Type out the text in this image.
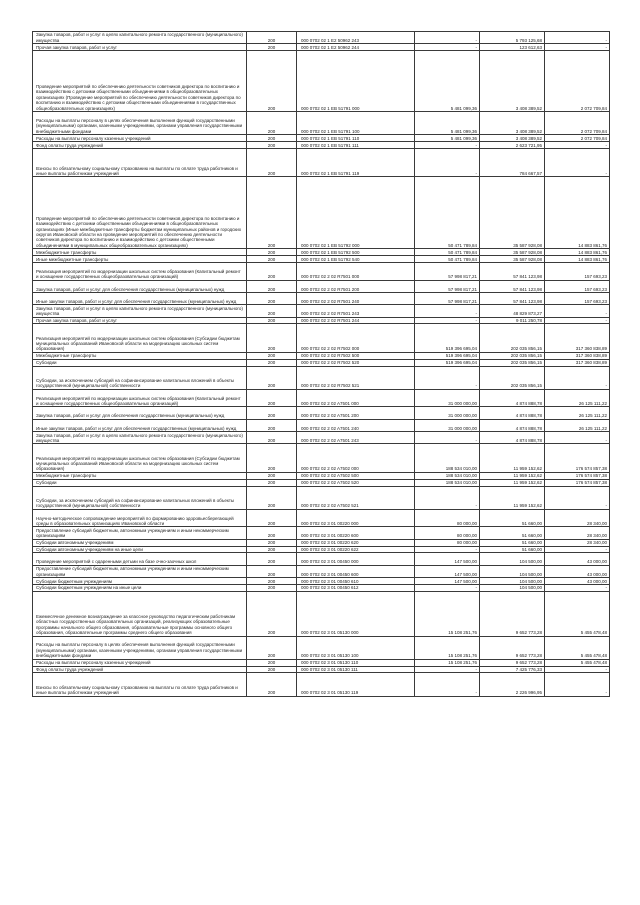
Закупка товаров, работ и услуг в целях капитального ремонта государственного (муниципального) имущества	200	000 0702 02 1 E2 50962 243	-	5 793 125,68	-
Прочая закупка товаров, работ и услуг	200	000 0702 02 1 E2 50962 244	-	123 612,63	-
Проведение мероприятий по обеспечению деятельности советников директора по воспитанию и взаимодействию с детскими общественными объединениями в общеобразовательных организациях (Проведение мероприятий по обеспечению деятельности советников директора по воспитанию и взаимодействию с детскими общественными объединениями в государственных общеобразовательных организациях)	200	000 0702 02 1 EB 51791 000	5 481 099,36	3 408 389,52	2 072 709,84
Расходы на выплаты персоналу в целях обеспечения выполнения функций государственными (муниципальными) органами, казенными учреждениями, органами управления государственными внебюджетными фондами	200	000 0702 02 1 EB 51791 100	5 481 099,36	3 408 389,52	2 072 709,84
Расходы на выплаты персоналу казенных учреждений	200	000 0702 02 1 EB 51791 110	5 481 099,36	3 408 389,52	2 072 709,84
Фонд оплаты труда учреждений	200	000 0702 02 1 EB 51791 111	-	2 623 721,95	-
Взносы по обязательному социальному страхованию на выплаты по оплате труда работников и иные выплаты работникам учреждений	200	000 0702 02 1 EB 51791 119	-	784 667,57	-
Проведение мероприятий по обеспечению деятельности советников директора по воспитанию и взаимодействию с детскими общественными объединениями в общеобразовательных организациях (Иные межбюджетные трансферты бюджетам муниципальных районов и городских округов Ивановской области на проведение мероприятий по обеспечению деятельности советников директора по воспитанию и взаимодействию с детскими общественными объединениями в муниципальных общеобразовательных организациях)	200	000 0702 02 1 EB 51792 000	50 471 789,84	35 587 928,08	14 883 861,76
Межбюджетные трансферты	200	000 0702 02 1 EB 51792 500	50 471 789,84	35 587 928,08	14 883 861,76
Иные межбюджетные трансферты	200	000 0702 02 1 EB 51792 540	50 471 789,84	35 587 928,08	14 883 861,76
Реализация мероприятий по модернизации школьных систем образования (Капитальный ремонт и оснащение государственных общеобразовательных организаций)	200	000 0702 02 2 02 R7501 000	57 998 817,21	57 841 123,98	157 693,23
Закупка товаров, работ и услуг для обеспечения государственных (муниципальных) нужд	200	000 0702 02 2 02 R7501 200	57 998 817,21	57 841 123,98	157 693,23
Иные закупки товаров, работ и услуг для обеспечения государственных (муниципальных) нужд	200	000 0702 02 2 02 R7501 240	57 998 817,21	57 841 123,98	157 693,23
Закупка товаров, работ и услуг в целях капитального ремонта государственного (муниципального) имущества	200	000 0702 02 2 02 R7501 243	-	48 829 873,27	-
Прочая закупка товаров, работ и услуг	200	000 0702 02 2 02 R7501 244	-	9 011 250,78	-
Реализация мероприятий по модернизации школьных систем образования (Субсидии бюджетам муниципальных образований Ивановской области на модернизацию школьных систем образования)	200	000 0702 02 2 02 R7502 000	519 396 695,04	202 035 856,15	317 360 838,89
Межбюджетные трансферты	200	000 0702 02 2 02 R7502 500	519 396 695,04	202 035 856,15	317 360 838,89
Субсидии	200	000 0702 02 2 02 R7502 520	519 396 695,04	202 035 856,15	317 360 838,89
Субсидии, за исключением субсидий на софинансирование капитальных вложений в объекты государственной (муниципальной) собственности	200	000 0702 02 2 02 R7502 521	-	202 035 856,15	-
Реализация мероприятий по модернизации школьных систем образования (Капитальный ремонт и оснащение государственных общеобразовательных организаций)	200	000 0702 02 2 02 A7501 000	31 000 000,00	4 874 888,78	26 125 111,22
Закупка товаров, работ и услуг для обеспечения государственных (муниципальных) нужд	200	000 0702 02 2 02 A7501 200	31 000 000,00	4 874 888,78	26 125 111,22
Иные закупки товаров, работ и услуг для обеспечения государственных (муниципальных) нужд	200	000 0702 02 2 02 A7501 240	31 000 000,00	4 874 888,78	26 125 111,22
Закупка товаров, работ и услуг в целях капитального ремонта государственного (муниципального) имущества	200	000 0702 02 2 02 A7501 243	-	4 874 888,78	-
Реализация мероприятий по модернизации школьных систем образования (Субсидии бюджетам муниципальных образований Ивановской области на модернизацию школьных систем образования)	200	000 0702 02 2 02 A7502 000	188 534 010,00	11 959 152,62	176 574 857,38
Межбюджетные трансферты	200	000 0702 02 2 02 A7502 500	188 534 010,00	11 959 152,62	176 574 857,38
Субсидии	200	000 0702 02 2 02 A7502 520	188 534 010,00	11 959 152,62	176 574 857,38
Субсидии, за исключением субсидий на софинансирование капитальных вложений в объекты государственной (муниципальной) собственности	200	000 0702 02 2 02 A7502 521	-	11 959 152,62	-
Научно-методическое сопровождение мероприятий по формированию здоровьесберегающей среды в образовательных организациях Ивановской области	200	000 0702 02 3 01 00220 000	80 000,00	51 660,00	28 340,00
Предоставление субсидий бюджетным, автономным учреждениям и иным некоммерческим организациям	200	000 0702 02 3 01 00220 600	80 000,00	51 660,00	28 340,00
Субсидии автономным учреждениям	200	000 0702 02 3 01 00220 620	80 000,00	51 660,00	28 340,00
Субсидии автономным учреждениям на иные цели	200	000 0702 02 3 01 00220 622	-	51 660,00	-
Проведение мероприятий с одаренными детьми на базе очно-заочных школ	200	000 0702 02 3 01 00450 000	147 500,00	104 500,00	43 000,00
Предоставление субсидий бюджетным, автономным учреждениям и иным некоммерческим организациям	200	000 0702 02 3 01 00450 600	147 500,00	104 500,00	43 000,00
Субсидии бюджетным учреждениям	200	000 0702 02 3 01 00450 610	147 500,00	104 500,00	43 000,00
Субсидии бюджетным учреждениям на иные цели	200	000 0702 02 3 01 00450 612	-	104 500,00	-
Ежемесячное денежное вознаграждение за классное руководство педагогическим работникам областных государственных образовательных организаций, реализующих образовательные программы начального общего образования, образовательные программы основного общего образования, образовательные программы среднего общего образования	200	000 0702 02 3 01 05130 000	15 108 251,76	9 652 773,28	5 455 478,48
Расходы на выплаты персоналу в целях обеспечения выполнения функций государственными (муниципальными) органами, казенными учреждениями, органами управления государственными внебюджетными фондами	200	000 0702 02 3 01 05130 100	15 108 251,76	9 652 773,28	5 455 478,48
Расходы на выплаты персоналу казенных учреждений	200	000 0702 02 3 01 05130 110	15 108 251,76	9 652 773,28	5 455 478,48
Фонд оплаты труда учреждений	200	000 0702 02 3 01 05130 111	-	7 425 776,33	-
Взносы по обязательному социальному страхованию на выплаты по оплате труда работников и иные выплаты работникам учреждений	200	000 0702 02 3 01 05130 119	-	2 226 996,95	-
